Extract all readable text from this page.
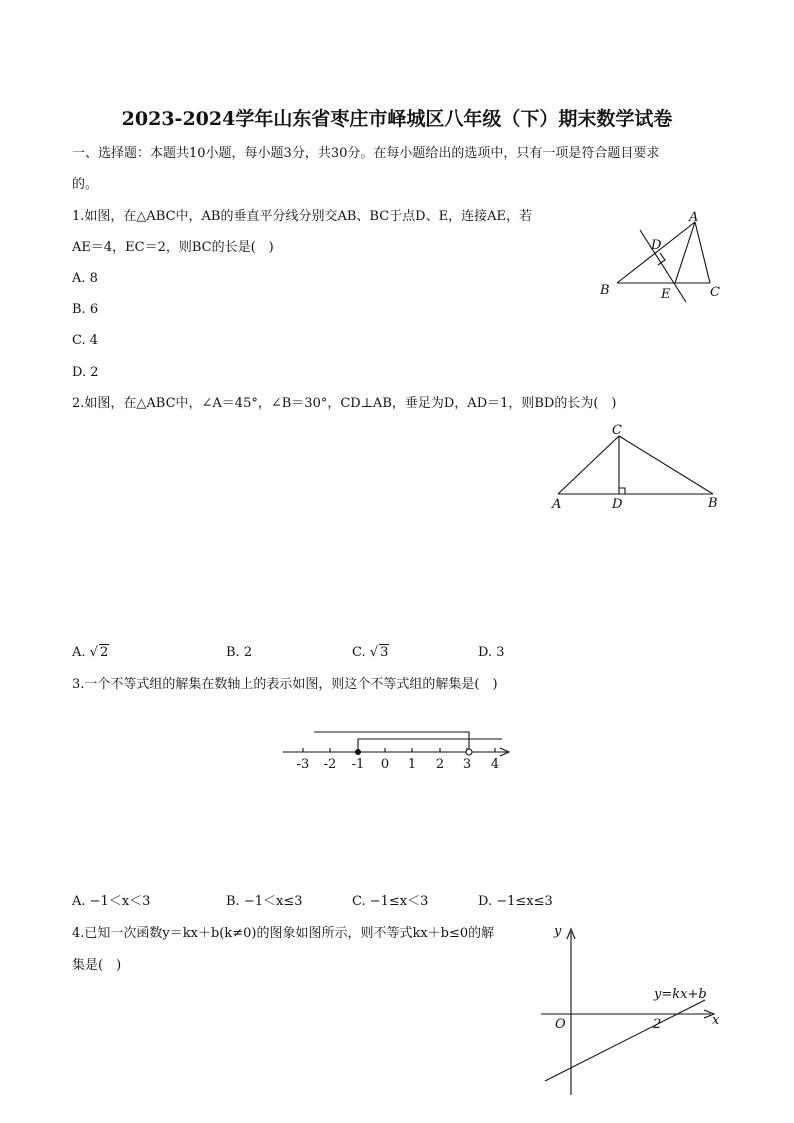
2023-2024学年山东省枣庄市峄城区八年级（下）期末数学试卷
一、选择题：本题共10小题，每小题3分，共30分。在每小题给出的选项中，只有一项是符合题目要求
的。
1.如图，在△ABC中，AB的垂直平分线分别交AB、BC于点D、E，连接AE，若
AE＝4，EC＝2，则BC的长是(　)
A. 8
B. 6
C. 4
D. 2
A
B	C
D
E
2.如图，在△ABC中，∠A＝45°，∠B＝30°，CD⊥AB，垂足为D，AD＝1，则BD的长为(　)
C
A	D	B
A. √ 2	B. 2	C. √ 3	D. 3
3.一个不等式组的解集在数轴上的表示如图，则这个不等式组的解集是(　)
-3 -2 -1 0 1 2 3 4
A. −1＜x＜3	B. −1＜x≤3	C. −1≤x＜3	D. −1≤x≤3
4.已知一次函数y＝kx＋b(k≠0)的图象如图所示，则不等式kx＋b≤0的解
集是(　)
y
x
O	2
y=kx+b
